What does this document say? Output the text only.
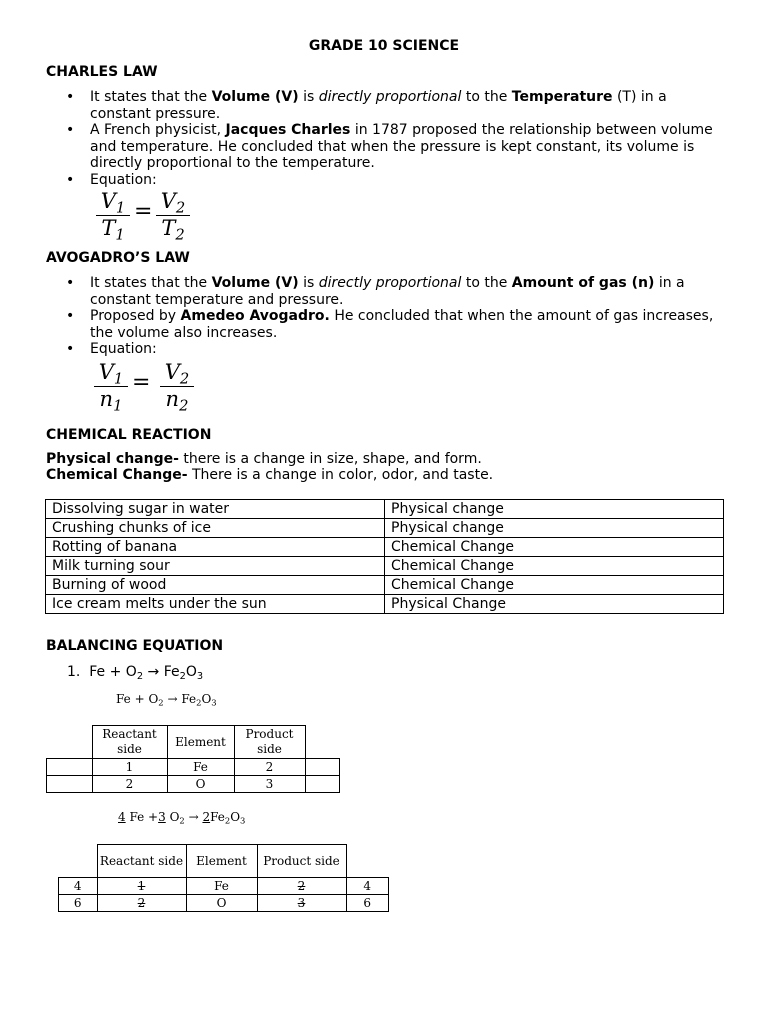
GRADE 10 SCIENCE
CHARLES LAW
• It states that the Volume (V) is directly proportional to the Temperature (T) in a constant pressure.
• A French physicist, Jacques Charles in 1787 proposed the relationship between volume and temperature. He concluded that when the pressure is kept constant, its volume is directly proportional to the temperature.
• Equation:
$V_1$
$T_1$
= $V_2$
$T_2$
AVOGADRO’S LAW
• It states that the Volume (V) is directly proportional to the Amount of gas (n) in a constant temperature and pressure.
• Proposed by Amedeo Avogadro. He concluded that when the amount of gas increases, the volume also increases.
• Equation:
$V_1$
$n_1$
= $V_2$
$n_2$
CHEMICAL REACTION
Physical change- there is a change in size, shape, and form.
Chemical Change- There is a change in color, odor, and taste.
Dissolving sugar in water	Physical change
Crushing chunks of ice	Physical change
Rotting of banana	Chemical Change
Milk turning sour	Chemical Change
Burning of wood	Chemical Change
Ice cream melts under the sun	Physical Change
BALANCING EQUATION
1. $Fe + O_2 \to Fe_2O_3$
$Fe + O_2 \to Fe_2O_3$
	Reactant side	Element	Product side	
	1	Fe	2	
	2	O	3	
4 Fe +3 $O_2 \to 2Fe_2O_3$
	Reactant side	Element	Product side	
4	1	Fe	2	4
6	2	O	3	6
